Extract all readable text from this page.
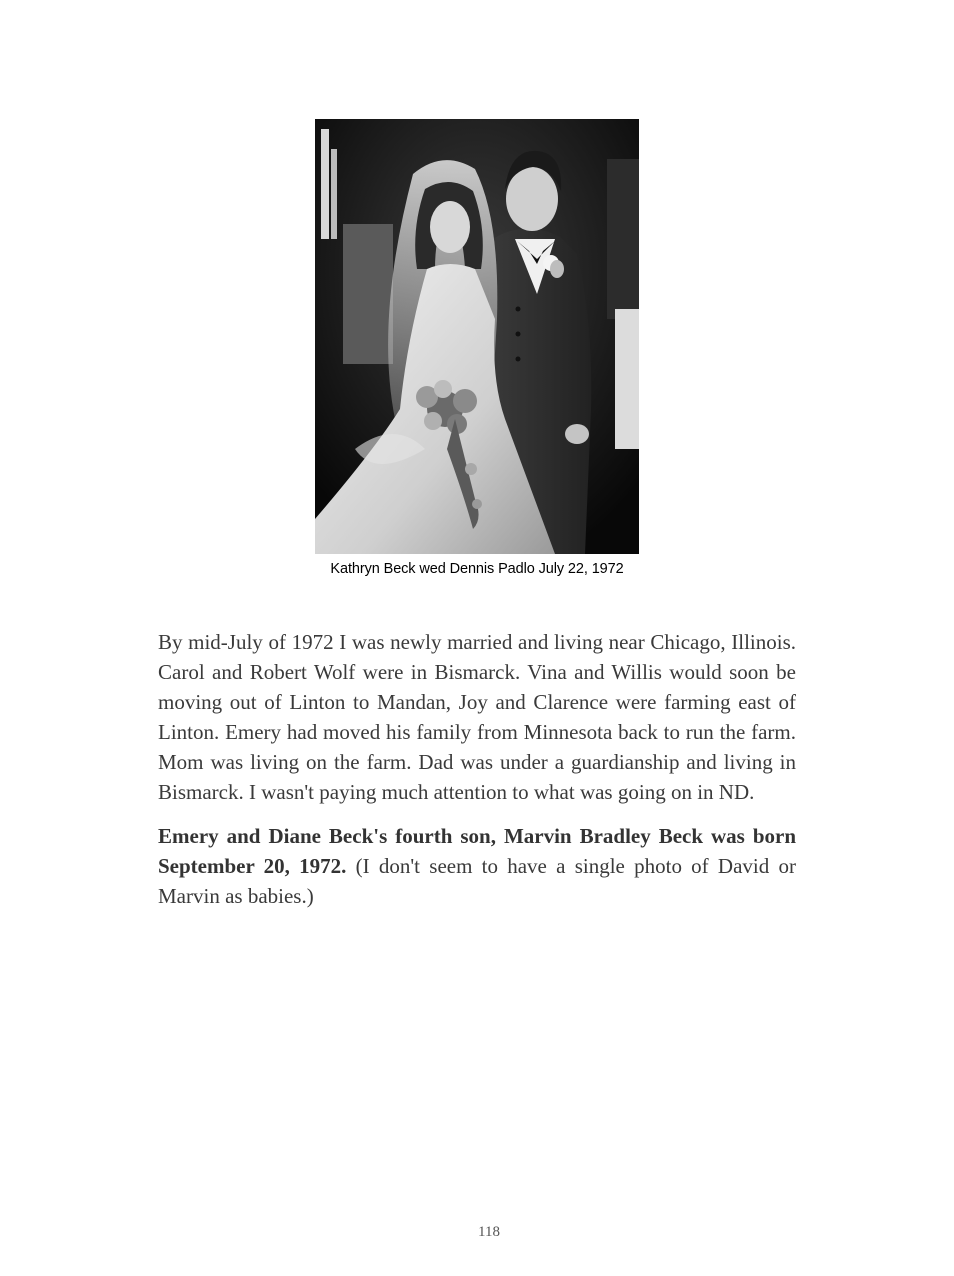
Kathryn Beck wed Dennis Padlo July 22, 1972

By mid-July of 1972 I was newly married and living near Chicago, Illinois. Carol and Robert Wolf were in Bismarck. Vina and Willis would soon be moving out of Linton to Mandan, Joy and Clarence were farming east of Linton. Emery had moved his family from Minnesota back to run the farm. Mom was living on the farm. Dad was under a guardianship and living in Bismarck. I wasn't paying much attention to what was going on in ND.

Emery and Diane Beck's fourth son, Marvin Bradley Beck was born September 20, 1972. (I don't seem to have a single photo of David or Marvin as babies.)

118
